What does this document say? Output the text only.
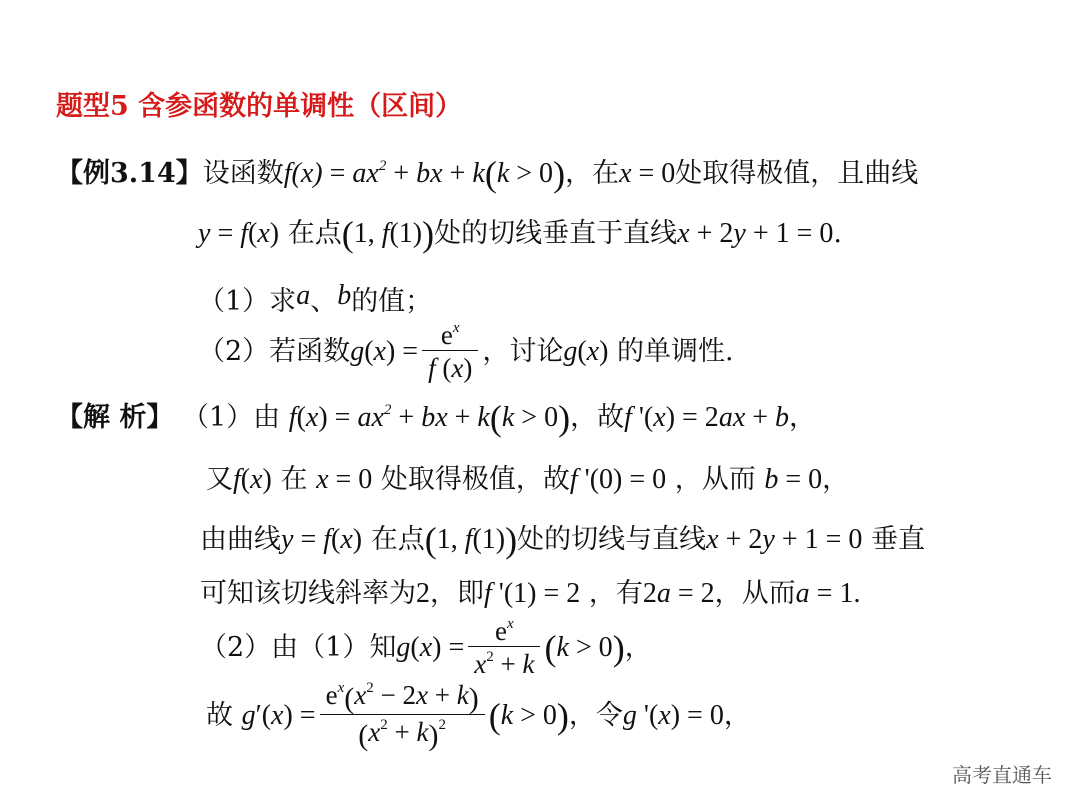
题型5 含参函数的单调性（区间）
【例3.14】设函数$f(x) = ax^2$ + bx + k(k > 0)，在x = 0处取得极值，且曲线
y = f(x) 在点(1, f(1))处的切线垂直于直线x + 2y + 1 = 0.
（1）求a、b的值；
（2）若函数$g(x) = \frac{e^x}{f (x)}$ ，讨论g(x) 的单调性.
【解 析】 （1）由 $f(x) = ax^2$ + bx + k(k > 0)，故f '(x) = 2ax + b，
又f(x) 在 x = 0 处取得极值，故f '(0) = 0 ，从而 b = 0，
由曲线y = f(x) 在点(1, f(1))处的切线与直线x + 2y + 1 = 0 垂直
可知该切线斜率为2，即f '(1) = 2 ，有2a = 2，从而a = 1.
（2）由（1）知$g(x) = \frac{e^x}{x^2 + k} (k > 0)$，
故 $g'(x) = \frac{e^x(x^2 - 2x + k)}{(x^2 + k)^2} (k > 0)$，令g '(x) = 0，
高考直通车
